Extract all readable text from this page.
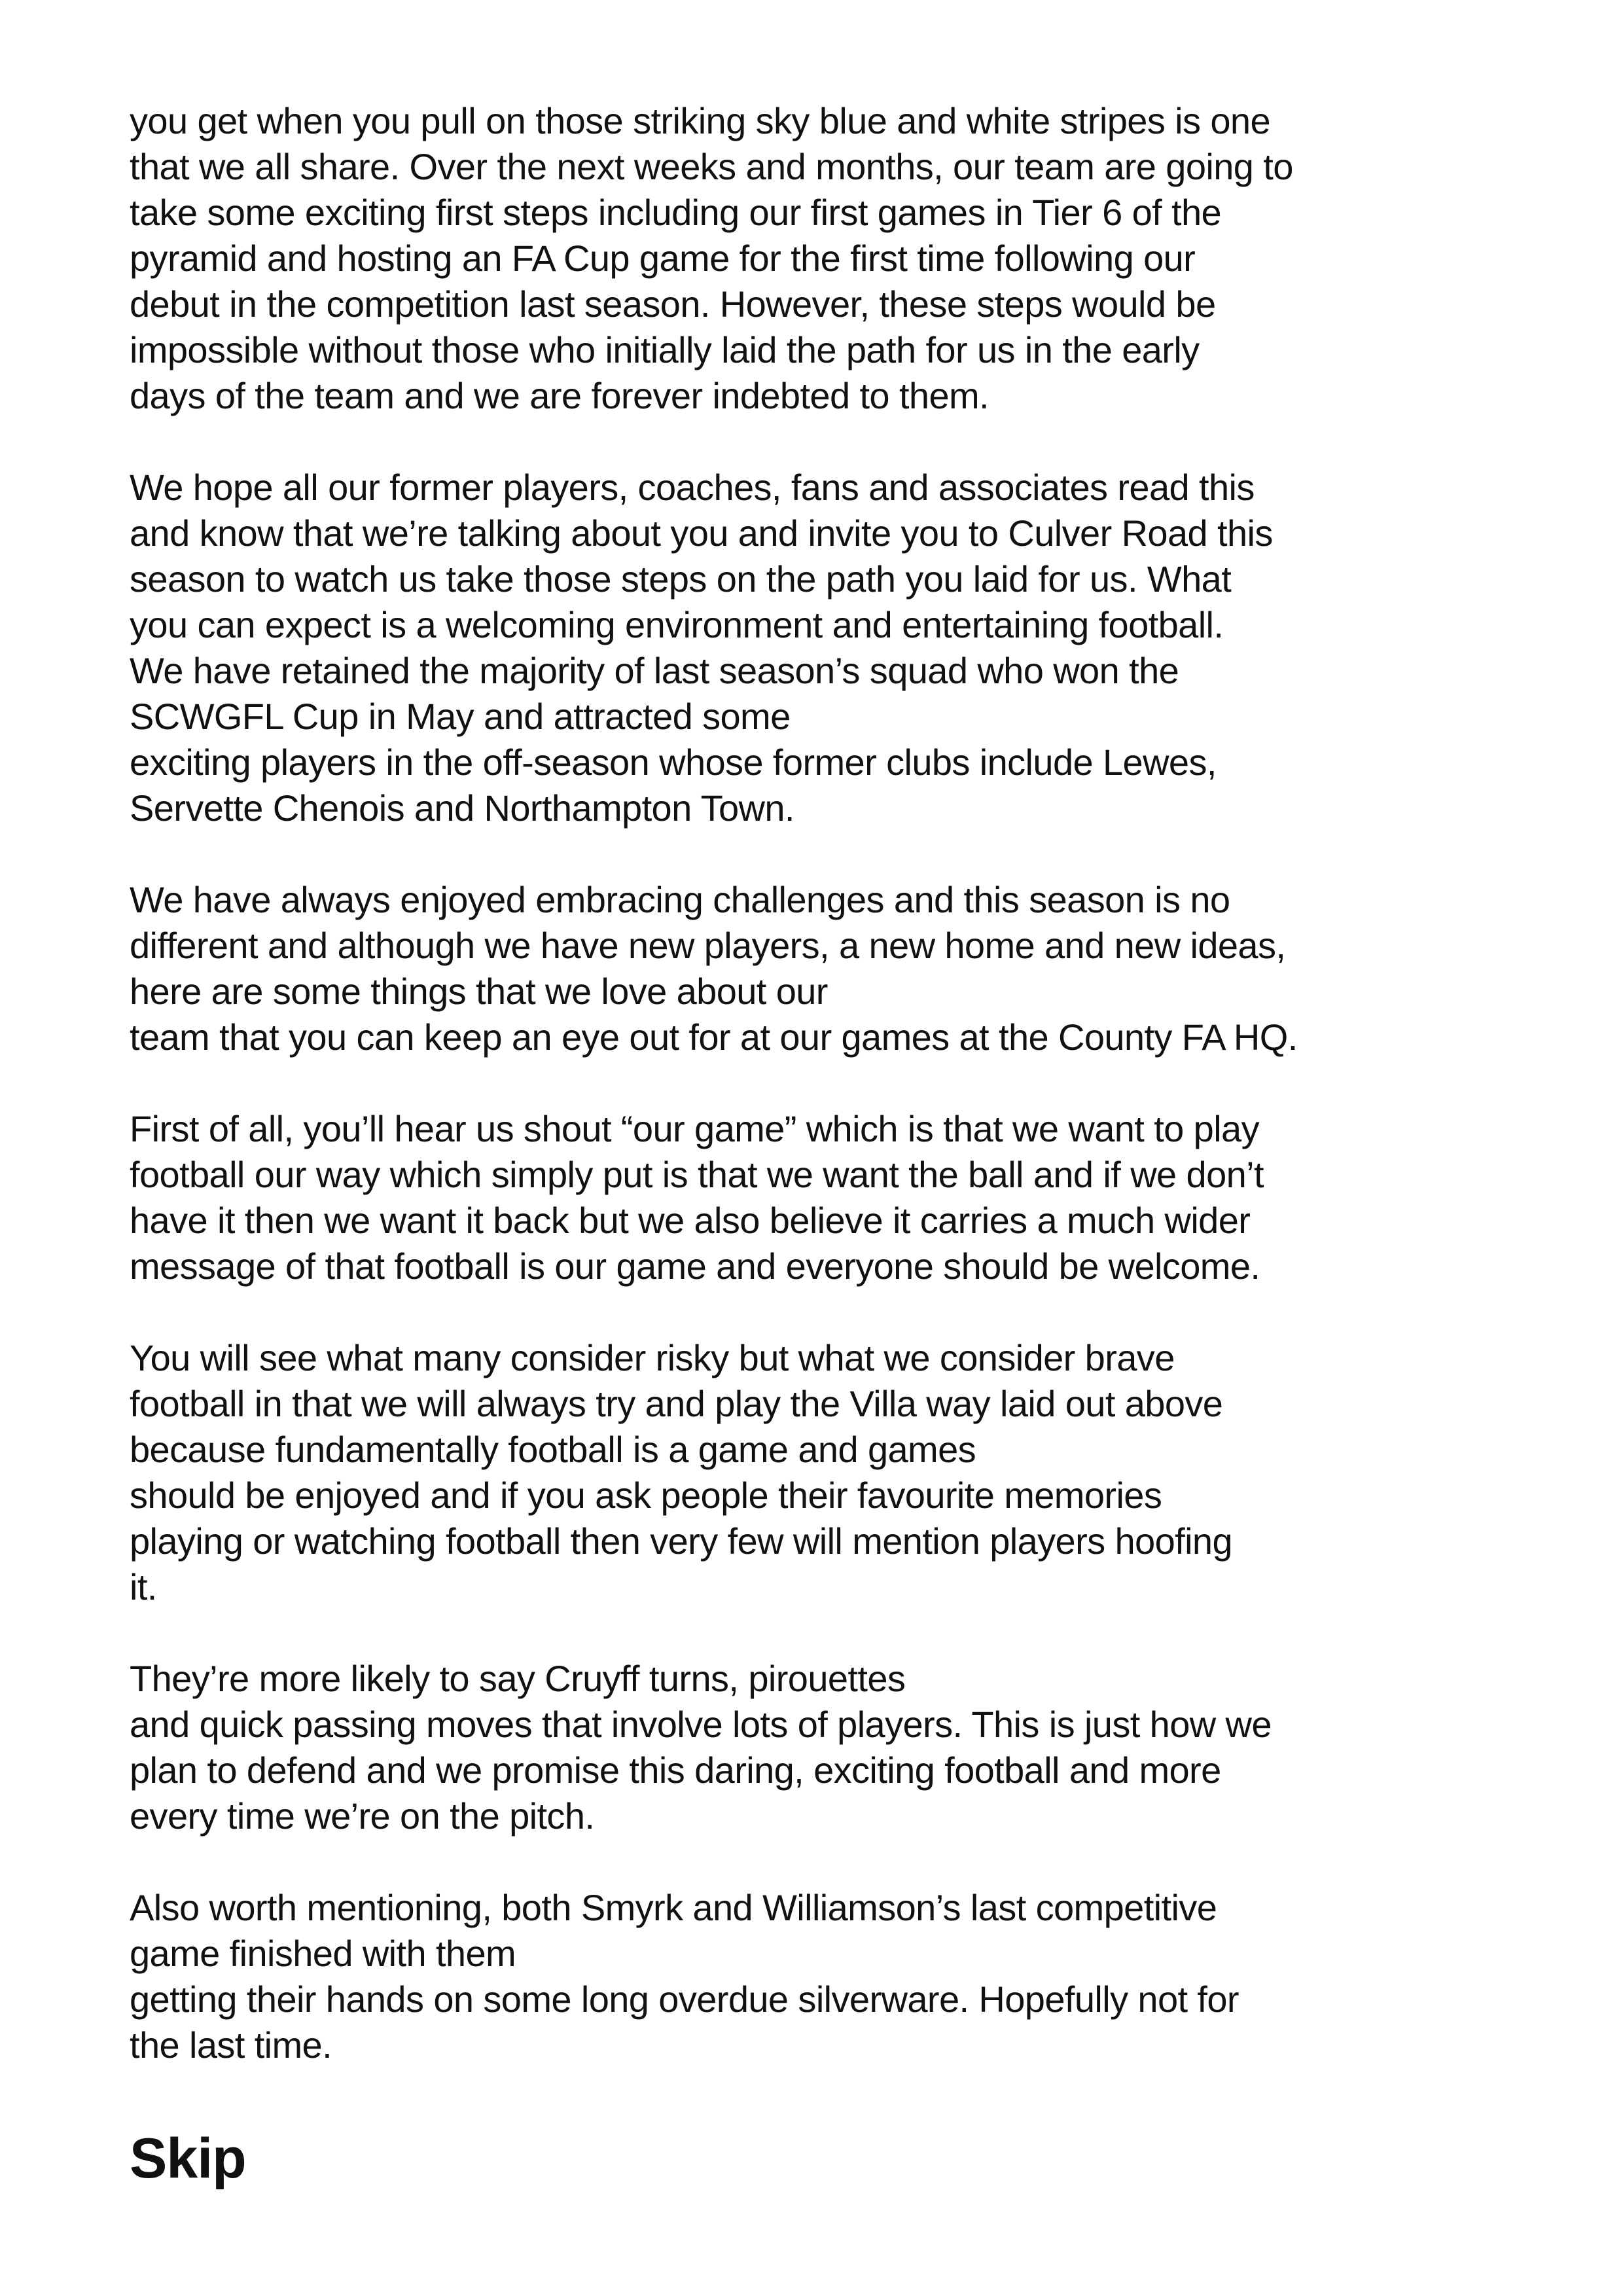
you get when you pull on those striking sky blue and white stripes is one
that we all share. Over the next weeks and months, our team are going to
take some exciting first steps including our first games in Tier 6 of the
pyramid and hosting an FA Cup game for the first time following our
debut in the competition last season. However, these steps would be
impossible without those who initially laid the path for us in the early
days of the team and we are forever indebted to them.
We hope all our former players, coaches, fans and associates read this
and know that we’re talking about you and invite you to Culver Road this
season to watch us take those steps on the path you laid for us. What
you can expect is a welcoming environment and entertaining football.
We have retained the majority of last season’s squad who won the
SCWGFL Cup in May and attracted some
exciting players in the off-season whose former clubs include Lewes,
Servette Chenois and Northampton Town.
We have always enjoyed embracing challenges and this season is no
different and although we have new players, a new home and new ideas,
here are some things that we love about our
team that you can keep an eye out for at our games at the County FA HQ.
First of all, you’ll hear us shout “our game” which is that we want to play
football our way which simply put is that we want the ball and if we don’t
have it then we want it back but we also believe it carries a much wider
message of that football is our game and everyone should be welcome.
You will see what many consider risky but what we consider brave
football in that we will always try and play the Villa way laid out above
because fundamentally football is a game and games
should be enjoyed and if you ask people their favourite memories
playing or watching football then very few will mention players hoofing
it.
They’re more likely to say Cruyff turns, pirouettes
and quick passing moves that involve lots of players. This is just how we
plan to defend and we promise this daring, exciting football and more
every time we’re on the pitch.
Also worth mentioning, both Smyrk and Williamson’s last competitive
game finished with them
getting their hands on some long overdue silverware. Hopefully not for
the last time.
Skip
